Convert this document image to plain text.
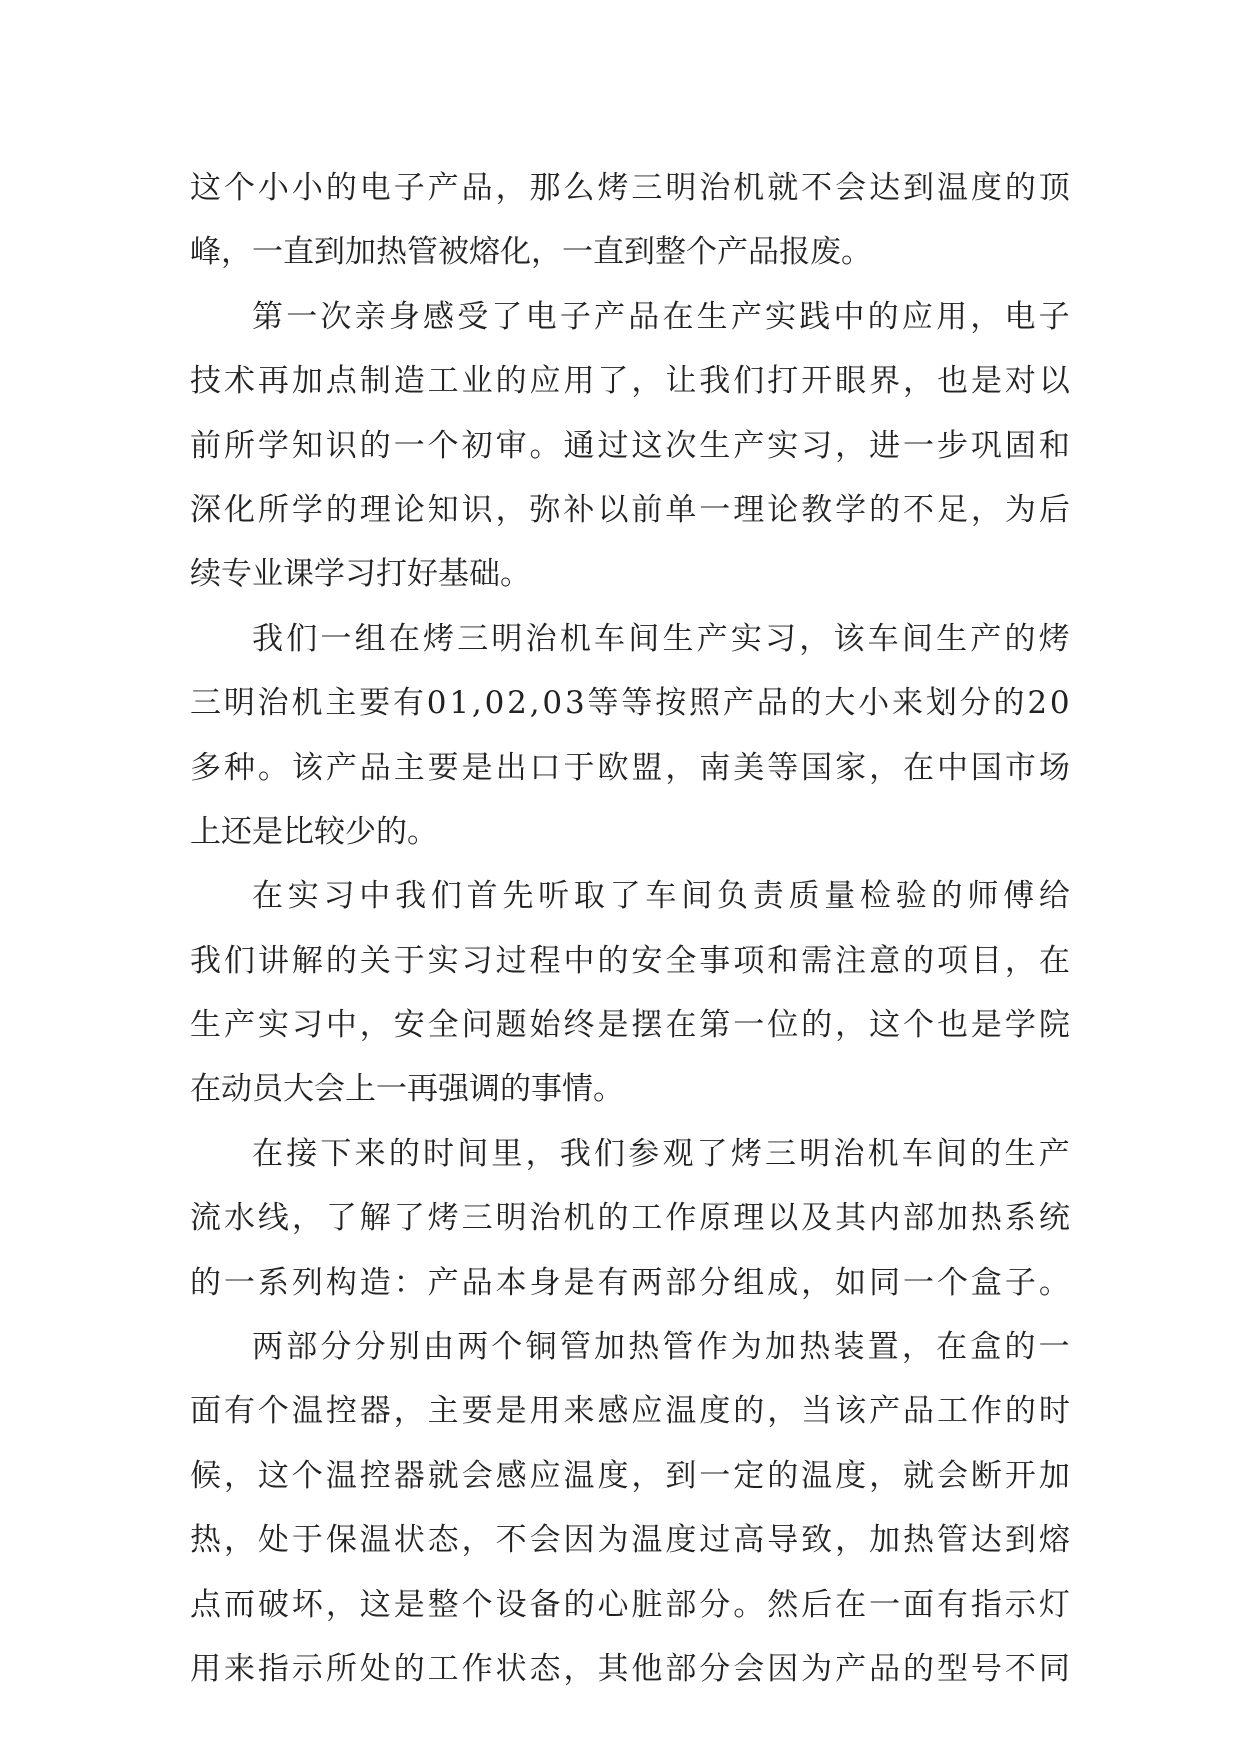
这 个 小 小 的 电 子 产 品 ， 那 么 烤 三 明 治 机 就 不 会 达 到 温 度 的 顶
峰，一直到加热管被熔化，一直到整个产品报废。
第 一 次 亲 身 感 受 了 电 子 产 品 在 生 产 实 践 中 的 应 用 ， 电 子
技 术 再 加 点 制 造 工 业 的 应 用 了 ， 让 我 们 打 开 眼 界 ， 也 是 对 以
前 所 学 知 识 的 一 个 初 审 。 通 过 这 次 生 产 实 习 ， 进 一 步 巩 固 和
深 化 所 学 的 理 论 知 识 ， 弥 补 以 前 单 一 理 论 教 学 的 不 足 ， 为 后
续专业课学习打好基础。
我 们 一 组 在 烤 三 明 治 机 车 间 生 产 实 习 ， 该 车 间 生 产 的 烤
三 明 治 机 主 要 有 0 1 , 0 2 , 0 3 等 等 按 照 产 品 的 大 小 来 划 分 的 2 0
多 种 。 该 产 品 主 要 是 出 口 于 欧 盟 ， 南 美 等 国 家 ， 在 中 国 市 场
上还是比较少的。
在 实 习 中 我 们 首 先 听 取 了 车 间 负 责 质 量 检 验 的 师 傅 给
我 们 讲 解 的 关 于 实 习 过 程 中 的 安 全 事 项 和 需 注 意 的 项 目 ， 在
生 产 实 习 中 ， 安 全 问 题 始 终 是 摆 在 第 一 位 的 ， 这 个 也 是 学 院
在动员大会上一再强调的事情。
在 接 下 来 的 时 间 里 ， 我 们 参 观 了 烤 三 明 治 机 车 间 的 生 产
流 水 线 ， 了 解 了 烤 三 明 治 机 的 工 作 原 理 以 及 其 内 部 加 热 系 统
的 一 系 列 构 造 ： 产 品 本 身 是 有 两 部 分 组 成 ， 如 同 一 个 盒 子 。
两 部 分 分 别 由 两 个 铜 管 加 热 管 作 为 加 热 装 置 ， 在 盒 的 一
面 有 个 温 控 器 ， 主 要 是 用 来 感 应 温 度 的 ， 当 该 产 品 工 作 的 时
候 ， 这 个 温 控 器 就 会 感 应 温 度 ， 到 一 定 的 温 度 ， 就 会 断 开 加
热 ， 处 于 保 温 状 态 ， 不 会 因 为 温 度 过 高 导 致 ， 加 热 管 达 到 熔
点 而 破 坏 ， 这 是 整 个 设 备 的 心 脏 部 分 。 然 后 在 一 面 有 指 示 灯
用 来 指 示 所 处 的 工 作 状 态 ， 其 他 部 分 会 因 为 产 品 的 型 号 不 同
